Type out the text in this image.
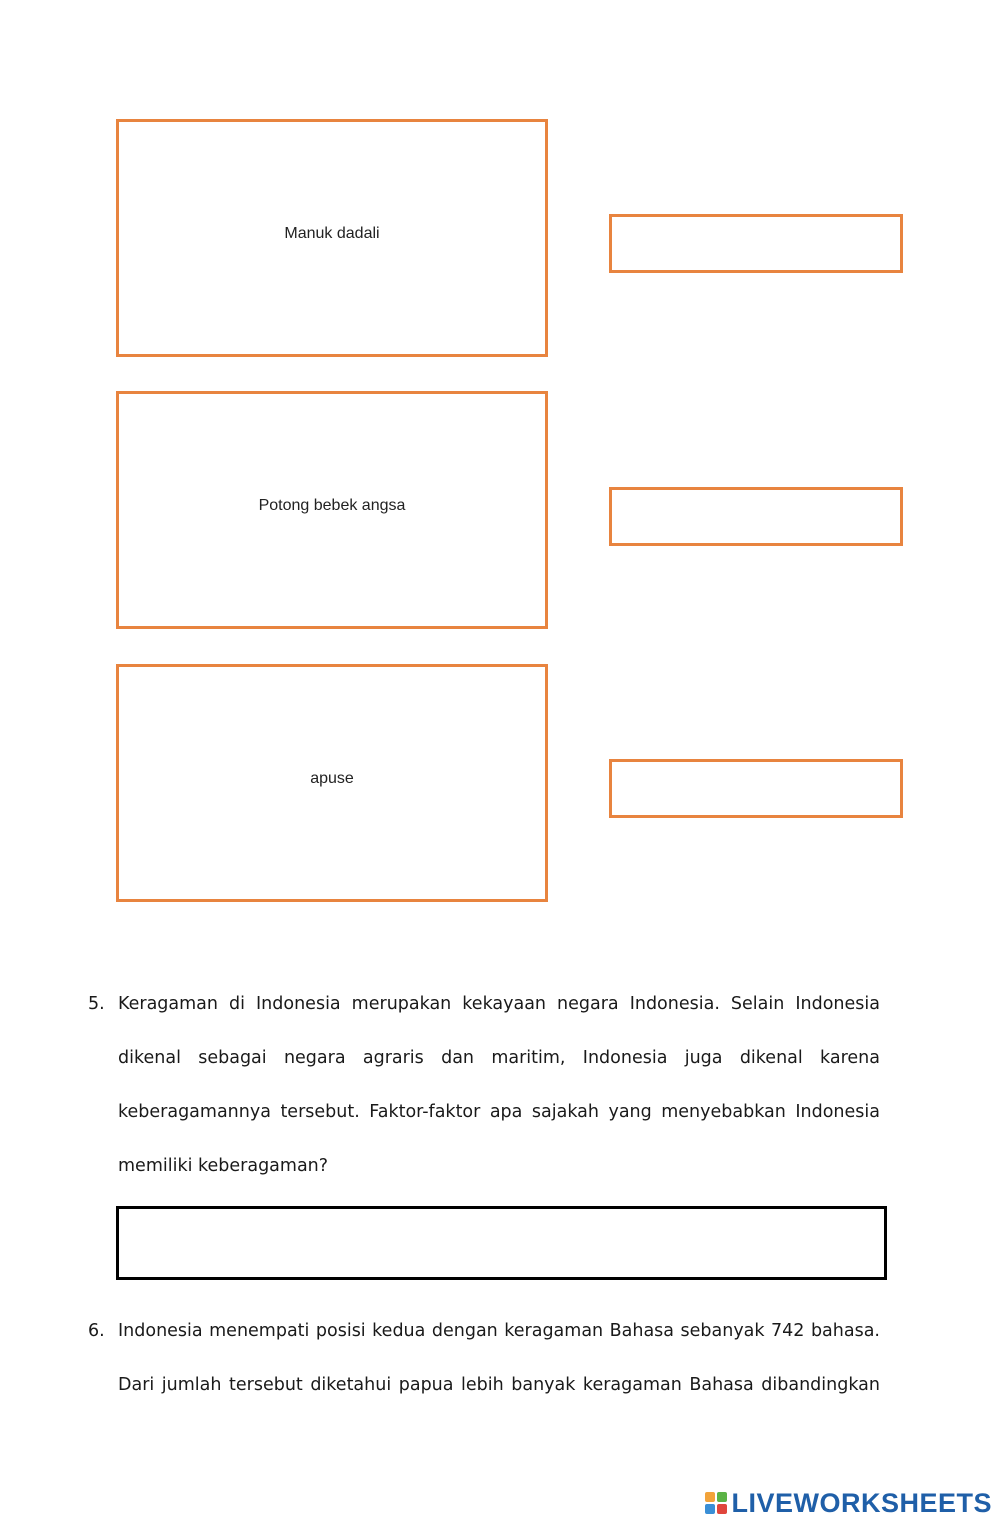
Manuk dadali
Potong bebek angsa
apuse
5. Keragaman di Indonesia merupakan kekayaan negara Indonesia. Selain Indonesia
dikenal sebagai negara agraris dan maritim, Indonesia juga dikenal karena
keberagamannya tersebut. Faktor-faktor apa sajakah yang menyebabkan Indonesia
memiliki keberagaman?
6. Indonesia menempati posisi kedua dengan keragaman Bahasa sebanyak 742 bahasa.
Dari jumlah tersebut diketahui papua lebih banyak keragaman Bahasa dibandingkan
LIVEWORKSHEETS
